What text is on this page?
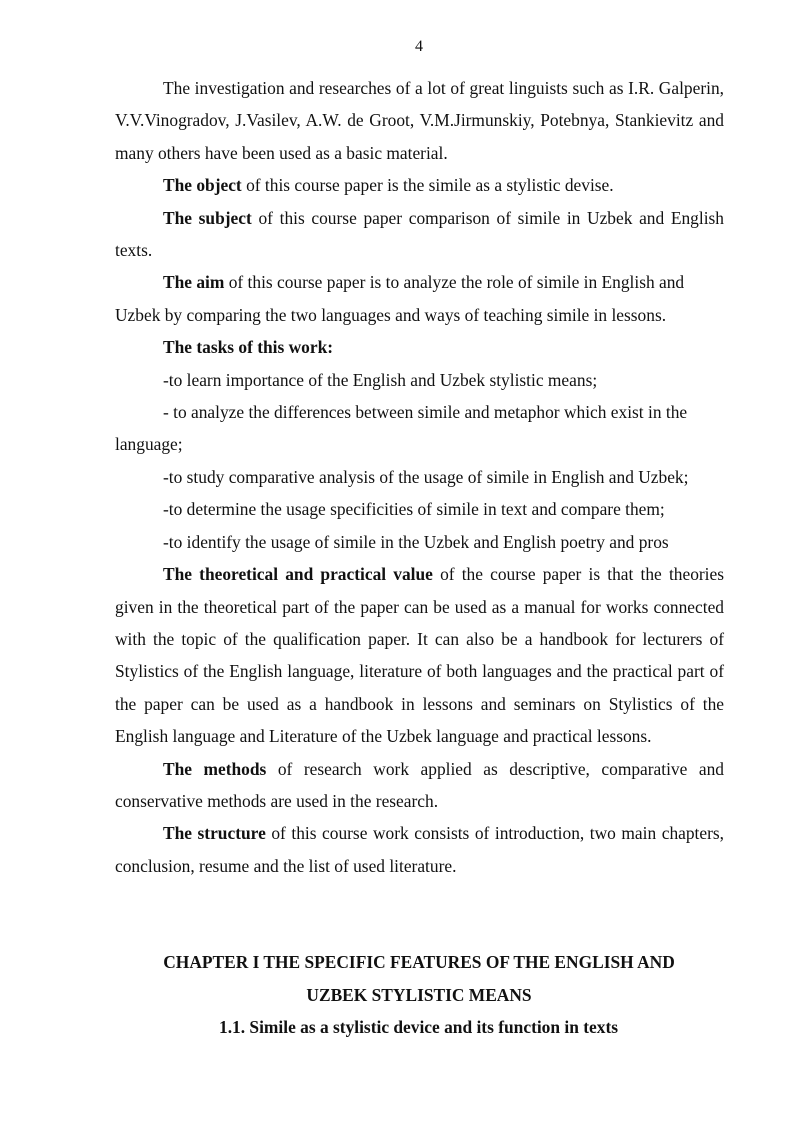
4

The investigation and researches of a lot of great linguists such as I.R. Galperin, V.V.Vinogradov, J.Vasilev, A.W. de Groot, V.M.Jirmunskiy, Potebnya, Stankievitz and many others have been used as a basic material.

The object of this course paper is the simile as a stylistic devise.

The subject of this course paper comparison of simile in Uzbek and English texts.

The aim of this course paper is to analyze the role of simile in English and Uzbek by comparing the two languages and ways of teaching simile in lessons.

The tasks of this work:

-to learn importance of the English and Uzbek stylistic means;

- to analyze the differences between simile and metaphor which exist in the language;

-to study comparative analysis of the usage of simile in English and Uzbek;

-to determine the usage specificities of simile in text and compare them;

-to identify the usage of simile in the Uzbek and English poetry and pros

The theoretical and practical value of the course paper is that the theories given in the theoretical part of the paper can be used as a manual for works connected with the topic of the qualification paper. It can also be a handbook for lecturers of Stylistics of the English language, literature of both languages and the practical part of the paper can be used as a handbook in lessons and seminars on Stylistics of the English language and Literature of the Uzbek language and practical lessons.

The methods of research work applied as descriptive, comparative and conservative methods are used in the research.

The structure of this course work consists of introduction, two main chapters, conclusion, resume and the list of used literature.

CHAPTER I THE SPECIFIC FEATURES OF THE ENGLISH AND
UZBEK STYLISTIC MEANS
1.1. Simile as a stylistic device and its function in texts
